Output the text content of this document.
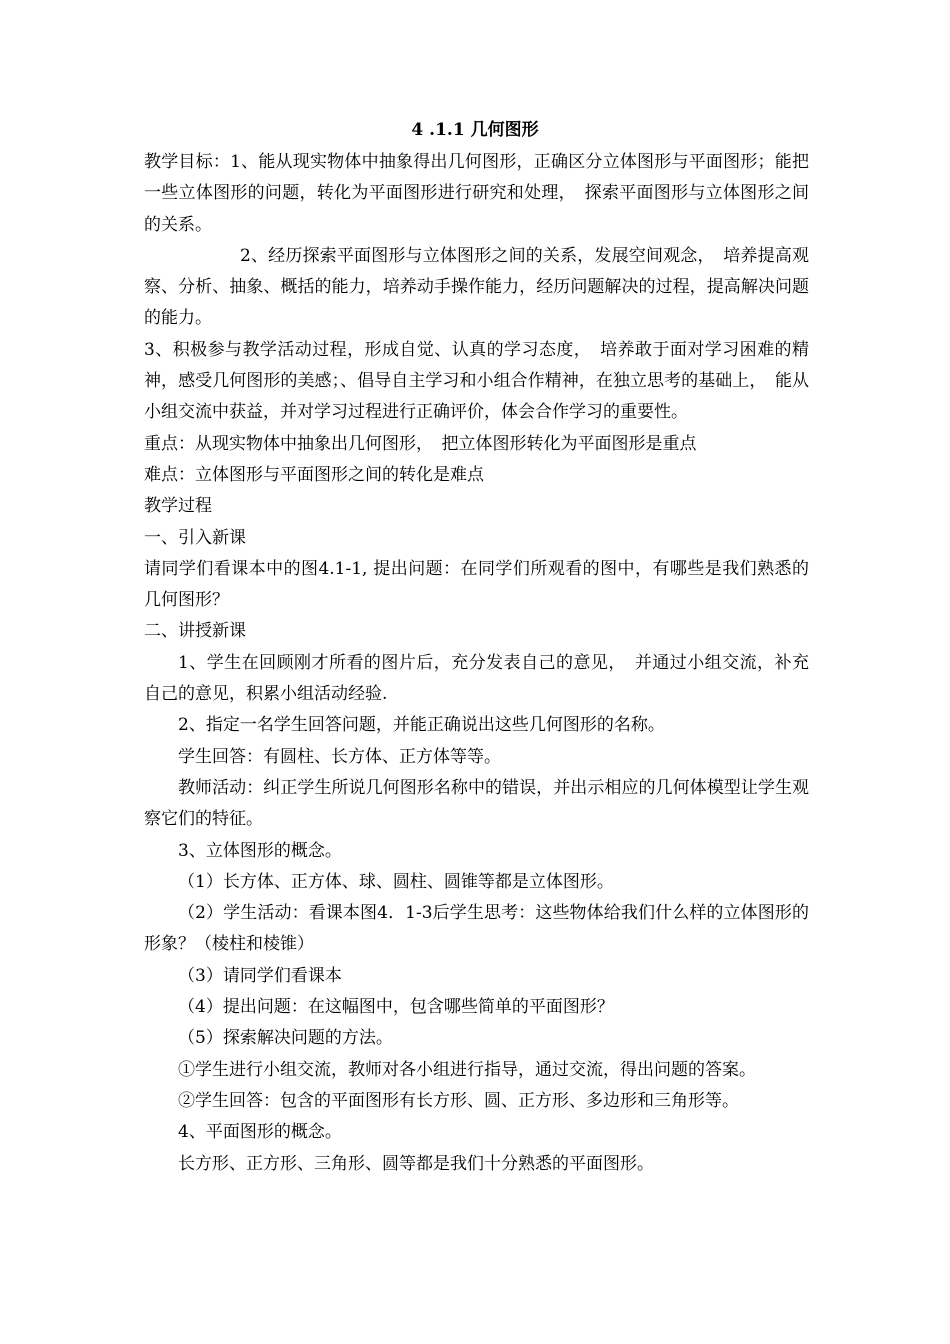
4 .1.1 几何图形

教学目标：1、能从现实物体中抽象得出几何图形，正确区分立体图形与平面图形；能把一些立体图形的问题，转化为平面图形进行研究和处理，　探索平面图形与立体图形之间的关系。

2、经历探索平面图形与立体图形之间的关系，发展空间观念，　培养提高观察、分析、抽象、概括的能力，培养动手操作能力，经历问题解决的过程，提高解决问题的能力。

3、积极参与教学活动过程，形成自觉、认真的学习态度，　培养敢于面对学习困难的精神，感受几何图形的美感；、倡导自主学习和小组合作精神，在独立思考的基础上，　能从小组交流中获益，并对学习过程进行正确评价，体会合作学习的重要性。

重点：从现实物体中抽象出几何图形，　把立体图形转化为平面图形是重点

难点：立体图形与平面图形之间的转化是难点

教学过程

一、引入新课

请同学们看课本中的图4.1-1, 提出问题：在同学们所观看的图中，有哪些是我们熟悉的几何图形？

二、讲授新课

1、学生在回顾刚才所看的图片后，充分发表自己的意见，　并通过小组交流，补充自己的意见，积累小组活动经验.

2、指定一名学生回答问题，并能正确说出这些几何图形的名称。

学生回答：有圆柱、长方体、正方体等等。

教师活动：纠正学生所说几何图形名称中的错误，并出示相应的几何体模型让学生观察它们的特征。

3、立体图形的概念。

（1）长方体、正方体、球、圆柱、圆锥等都是立体图形。

（2）学生活动：看课本图4．1-3后学生思考：这些物体给我们什么样的立体图形的形象？（棱柱和棱锥）

（3）请同学们看课本

（4）提出问题：在这幅图中，包含哪些简单的平面图形？

（5）探索解决问题的方法。

①学生进行小组交流，教师对各小组进行指导，通过交流，得出问题的答案。

②学生回答：包含的平面图形有长方形、圆、正方形、多边形和三角形等。

4、平面图形的概念。

长方形、正方形、三角形、圆等都是我们十分熟悉的平面图形。
